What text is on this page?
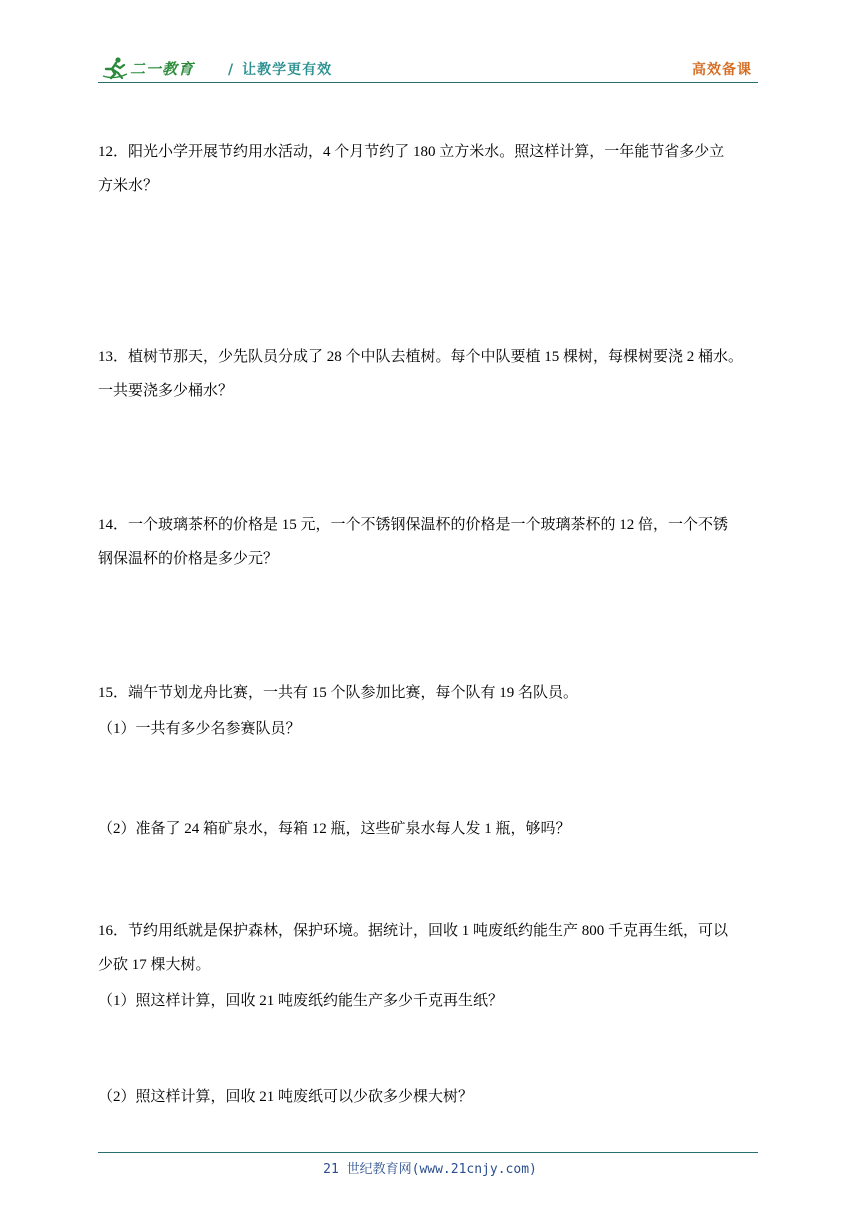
二一教育 / 让教学更有效	高效备课
12．阳光小学开展节约用水活动，4 个月节约了 180 立方米水。照这样计算，一年能节省多少立
方米水？
13．植树节那天，少先队员分成了 28 个中队去植树。每个中队要植 15 棵树，每棵树要浇 2 桶水。
一共要浇多少桶水？
14．一个玻璃茶杯的价格是 15 元，一个不锈钢保温杯的价格是一个玻璃茶杯的 12 倍，一个不锈
钢保温杯的价格是多少元？
15．端午节划龙舟比赛，一共有 15 个队参加比赛，每个队有 19 名队员。
（1）一共有多少名参赛队员？
（2）准备了 24 箱矿泉水，每箱 12 瓶，这些矿泉水每人发 1 瓶，够吗？
16．节约用纸就是保护森林，保护环境。据统计，回收 1 吨废纸约能生产 800 千克再生纸，可以
少砍 17 棵大树。
（1）照这样计算，回收 21 吨废纸约能生产多少千克再生纸？
（2）照这样计算，回收 21 吨废纸可以少砍多少棵大树？
21 世纪教育网(www.21cnjy.com)
